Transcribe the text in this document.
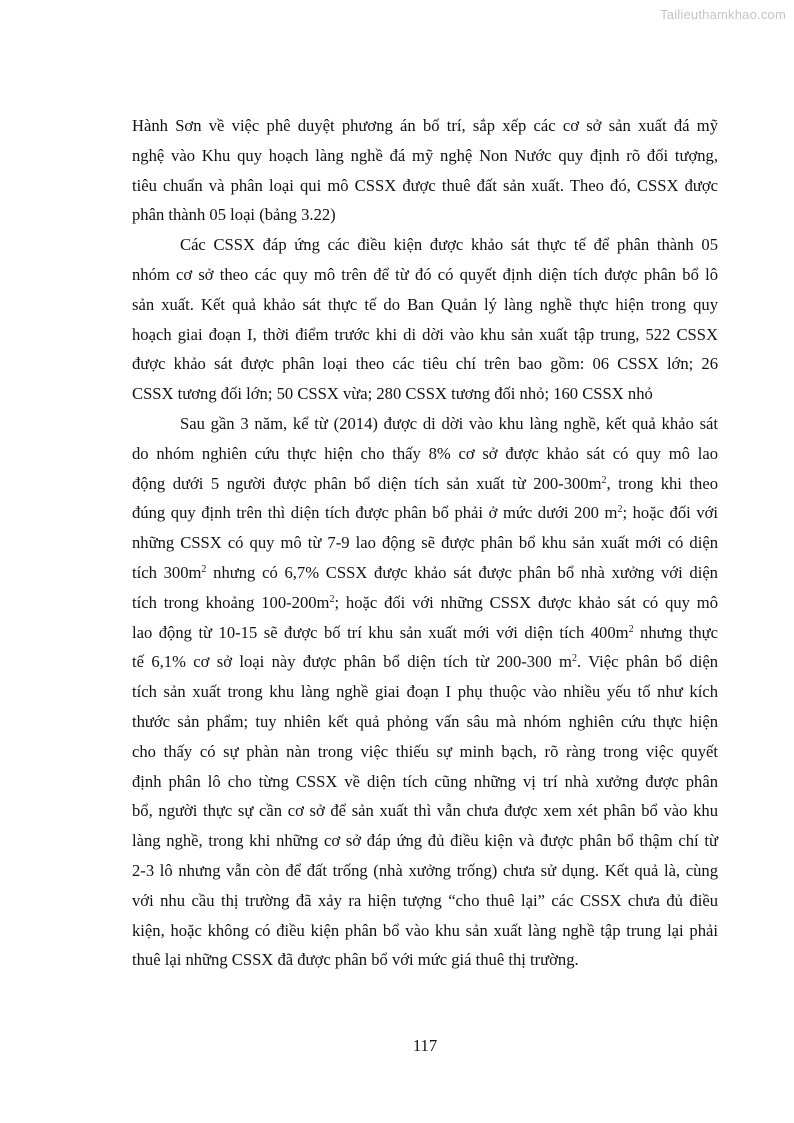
Tailieuthamkhao.com

Hành Sơn về việc phê duyệt phương án bố trí, sắp xếp các cơ sở sản xuất đá mỹ
nghệ vào Khu quy hoạch làng nghề đá mỹ nghệ Non Nước quy định rõ đối tượng,
tiêu chuẩn và phân loại qui mô CSSX được thuê đất sản xuất. Theo đó, CSSX được
phân thành 05 loại (bảng 3.22)

Các CSSX đáp ứng các điều kiện được khảo sát thực tế để phân thành 05
nhóm cơ sở theo các quy mô trên để từ đó có quyết định diện tích được phân bổ lô
sản xuất. Kết quả khảo sát thực tế do Ban Quản lý làng nghề thực hiện trong quy
hoạch giai đoạn I, thời điểm trước khi di dời vào khu sản xuất tập trung, 522 CSSX
được khảo sát được phân loại theo các tiêu chí trên bao gồm: 06 CSSX lớn; 26
CSSX tương đối lớn; 50 CSSX vừa; 280 CSSX tương đối nhỏ; 160 CSSX nhỏ

Sau gần 3 năm, kể từ (2014) được di dời vào khu làng nghề, kết quả khảo sát
do nhóm nghiên cứu thực hiện cho thấy 8% cơ sở được khảo sát có quy mô lao
động dưới 5 người được phân bổ diện tích sản xuất từ $200-300m^2$, trong khi theo
đúng quy định trên thì diện tích được phân bổ phải ở mức dưới 200 $m^2$; hoặc đối với
những CSSX có quy mô từ 7-9 lao động sẽ được phân bổ khu sản xuất mới có diện
tích $300m^2$ nhưng có 6,7% CSSX được khảo sát được phân bổ nhà xưởng với diện
tích trong khoảng $100-200m^2$; hoặc đối với những CSSX được khảo sát có quy mô
lao động từ 10-15 sẽ được bố trí khu sản xuất mới với diện tích $400m^2$ nhưng thực
tế 6,1% cơ sở loại này được phân bổ diện tích từ 200-300 $m^2$. Việc phân bổ diện
tích sản xuất trong khu làng nghề giai đoạn I phụ thuộc vào nhiều yếu tố như kích
thước sản phẩm; tuy nhiên kết quả phỏng vấn sâu mà nhóm nghiên cứu thực hiện
cho thấy có sự phàn nàn trong việc thiếu sự minh bạch, rõ ràng trong việc quyết
định phân lô cho từng CSSX về diện tích cũng những vị trí nhà xưởng được phân
bổ, người thực sự cần cơ sở để sản xuất thì vẫn chưa được xem xét phân bổ vào khu
làng nghề, trong khi những cơ sở đáp ứng đủ điều kiện và được phân bổ thậm chí từ
2-3 lô nhưng vẫn còn để đất trống (nhà xưởng trống) chưa sử dụng. Kết quả là, cùng
với nhu cầu thị trường đã xảy ra hiện tượng “cho thuê lại” các CSSX chưa đủ điều
kiện, hoặc không có điều kiện phân bổ vào khu sản xuất làng nghề tập trung lại phải
thuê lại những CSSX đã được phân bổ với mức giá thuê thị trường.

117
